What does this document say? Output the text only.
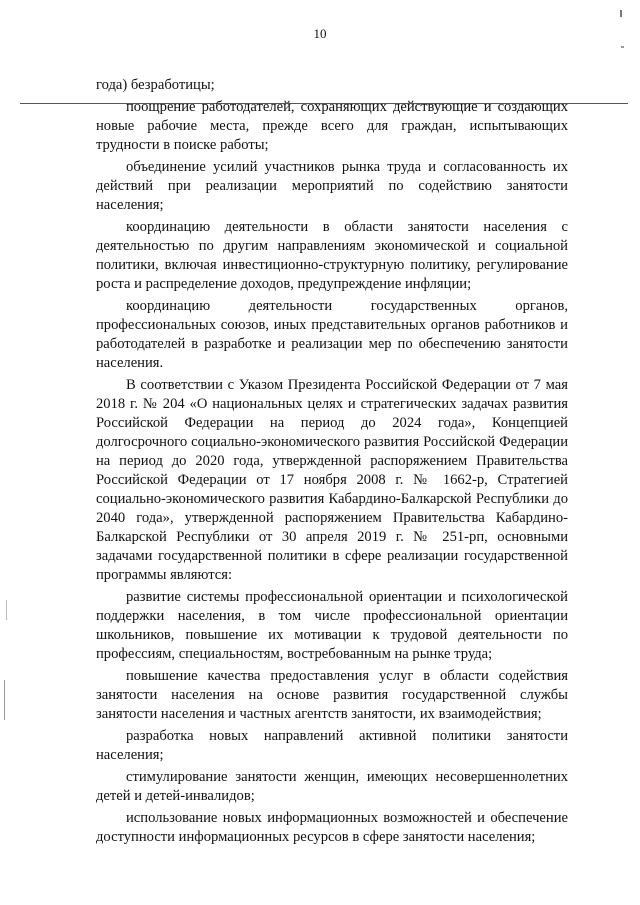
10

года) безработицы;

поощрение работодателей, сохраняющих действующие и создающих новые рабочие места, прежде всего для граждан, испытывающих трудности в поиске работы;

объединение усилий участников рынка труда и согласованность их действий при реализации мероприятий по содействию занятости населения;

координацию деятельности в области занятости населения с деятельностью по другим направлениям экономической и социальной политики, включая инвестиционно-структурную политику, регулирование роста и распределение доходов, предупреждение инфляции;

координацию деятельности государственных органов, профессиональных союзов, иных представительных органов работников и работодателей в разработке и реализации мер по обеспечению занятости населения.

В соответствии с Указом Президента Российской Федерации от 7 мая 2018 г. № 204 «О национальных целях и стратегических задачах развития Российской Федерации на период до 2024 года», Концепцией долгосрочного социально-экономического развития Российской Федерации на период до 2020 года, утвержденной распоряжением Правительства Российской Федерации от 17 ноября 2008 г. № 1662-р, Стратегией социально-экономического развития Кабардино-Балкарской Республики до 2040 года», утвержденной распоряжением Правительства Кабардино-Балкарской Республики от 30 апреля 2019 г. № 251-рп, основными задачами государственной политики в сфере реализации государственной программы являются:

развитие системы профессиональной ориентации и психологической поддержки населения, в том числе профессиональной ориентации школьников, повышение их мотивации к трудовой деятельности по профессиям, специальностям, востребованным на рынке труда;

повышение качества предоставления услуг в области содействия занятости населения на основе развития государственной службы занятости населения и частных агентств занятости, их взаимодействия;

разработка новых направлений активной политики занятости населения;

стимулирование занятости женщин, имеющих несовершеннолетних детей и детей-инвалидов;

использование новых информационных возможностей и обеспечение доступности информационных ресурсов в сфере занятости населения;
